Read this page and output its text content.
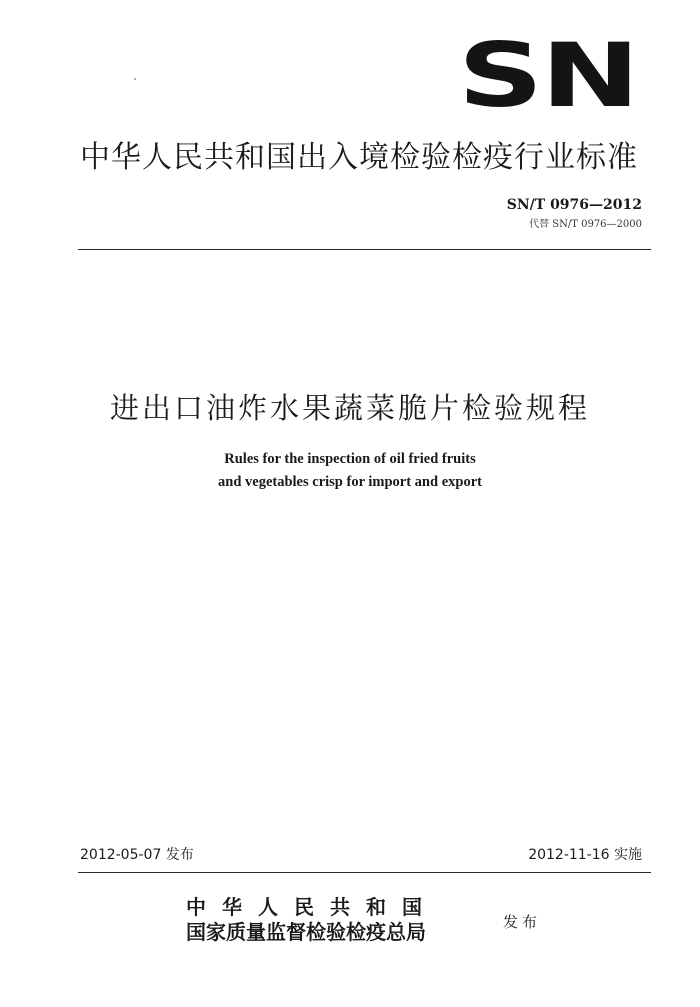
SN
中华人民共和国出入境检验检疫行业标准
SN/T 0976—2012
代替 SN/T 0976—2000
进出口油炸水果蔬菜脆片检验规程
Rules for the inspection of oil fried fruits
and vegetables crisp for import and export
2012-05-07 发布	2012-11-16 实施
中华人民共和国
国家质量监督检验检疫总局	发布
